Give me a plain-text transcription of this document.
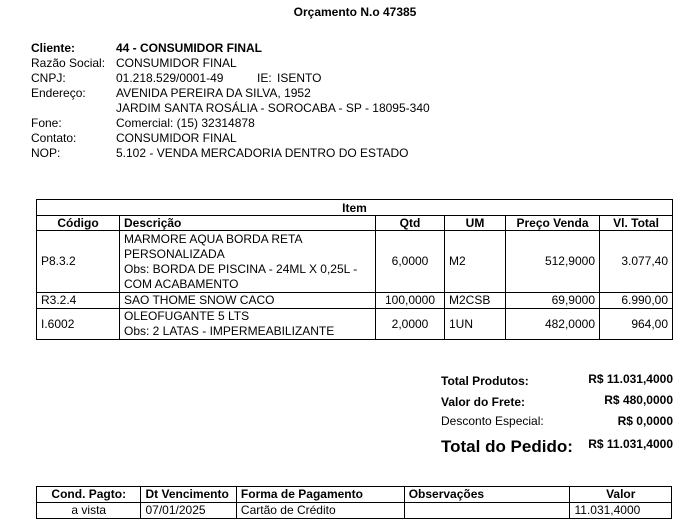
Orçamento N.o 47385
Cliente:	44 - CONSUMIDOR FINAL
Razão Social: CONSUMIDOR FINAL
CNPJ:	01.218.529/0001-49	IE: ISENTO
Endereço:	AVENIDA PEREIRA DA SILVA, 1952
JARDIM SANTA ROSÁLIA - SOROCABA - SP - 18095-340
Fone:	Comercial: (15) 32314878
Contato:	CONSUMIDOR FINAL
NOP:	5.102 - VENDA MERCADORIA DENTRO DO ESTADO
Item					
Código	Descrição	Qtd	UM	Preço Venda	Vl. Total
P8.3.2	MARMORE AQUA BORDA RETA
PERSONALIZADA
Obs: BORDA DE PISCINA - 24ML X 0,25L -
COM ACABAMENTO	6,0000	M2	512,9000	3.077,40
R3.2.4	SAO THOME SNOW CACO	100,0000	M2CSB	69,9000	6.990,00
I.6002	OLEOFUGANTE 5 LTS
Obs: 2 LATAS - IMPERMEABILIZANTE	2,0000	1UN	482,0000	964,00
Total Produtos:	R$ 11.031,4000
Valor do Frete:	R$ 480,0000
Desconto Especial:	R$ 0,0000
Total do Pedido: R$ 11.031,4000
Cond. Pagto:	Dt Vencimento	Forma de Pagamento	Observações	Valor
a vista	07/01/2025	Cartão de Crédito		11.031,4000
